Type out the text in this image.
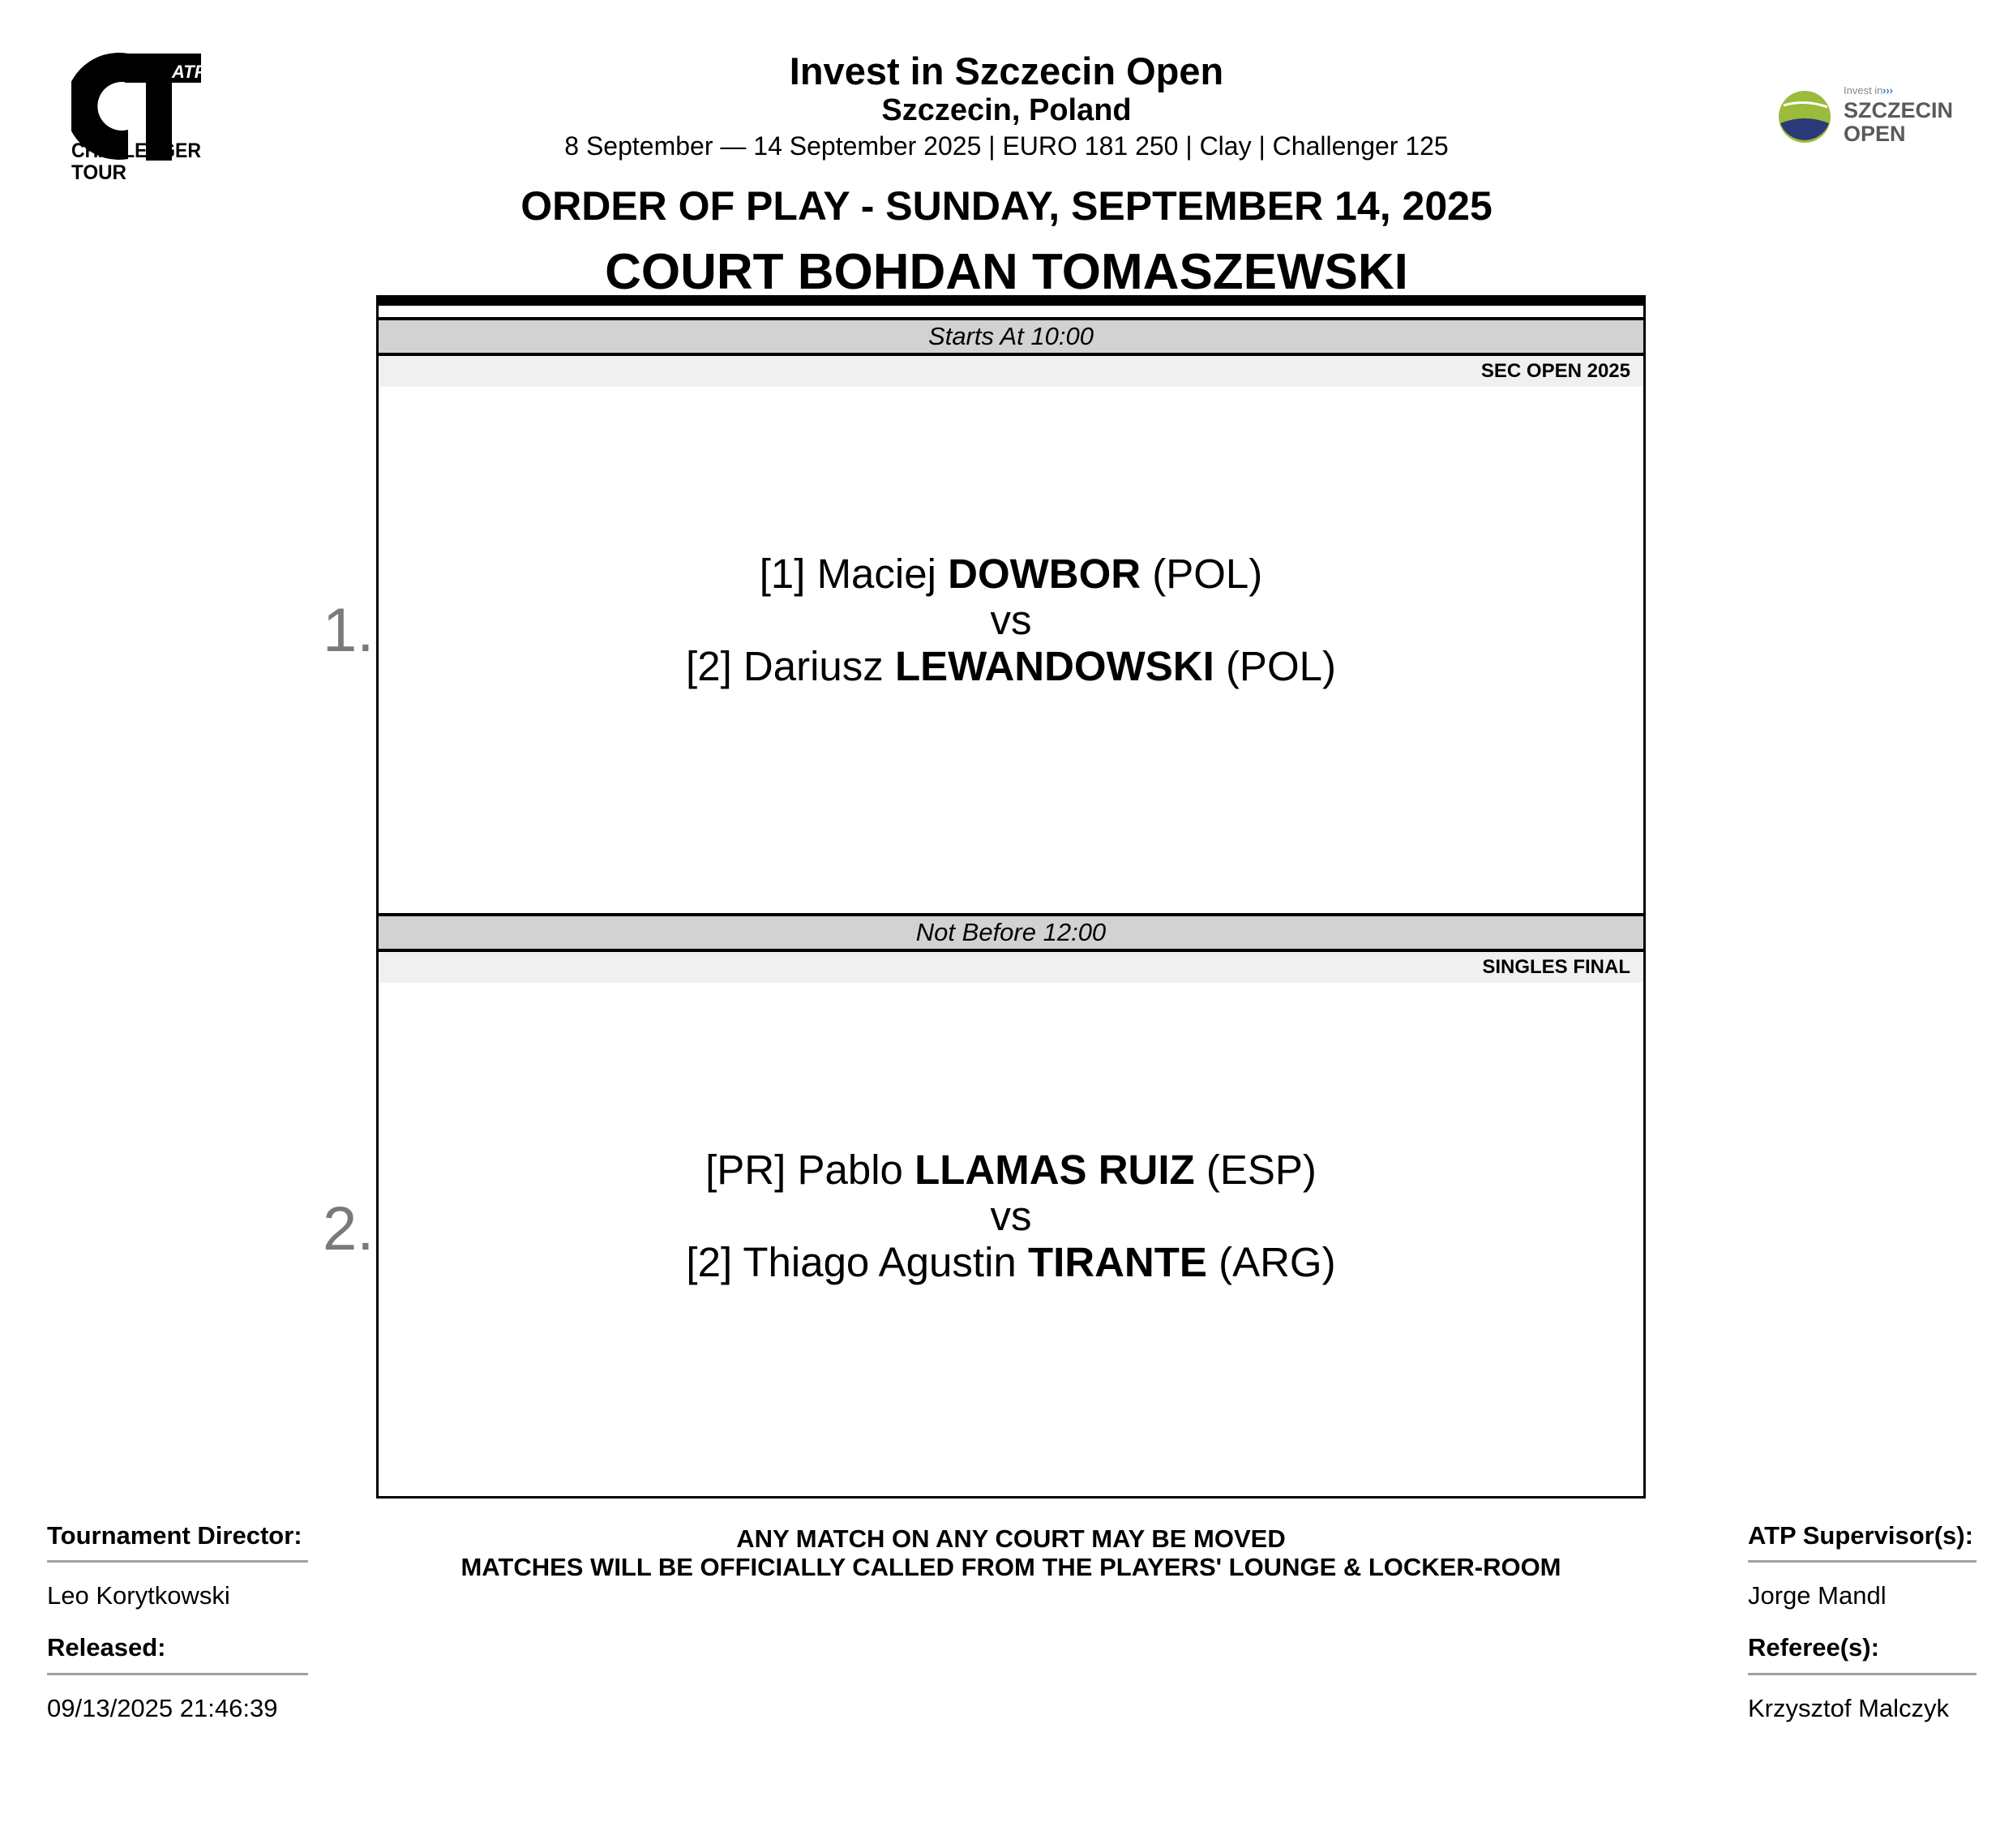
ATP
CHALLENGER
TOUR
Invest in ›››
SZCZECIN
OPEN
Invest in Szczecin Open
Szczecin, Poland
8 September — 14 September 2025 | EURO 181 250 | Clay | Challenger 125
ORDER OF PLAY - SUNDAY, SEPTEMBER 14, 2025
COURT BOHDAN TOMASZEWSKI
1.
2.
Starts At 10:00
SEC OPEN 2025
[1] Maciej DOWBOR (POL)
vs
[2] Dariusz LEWANDOWSKI (POL)
Not Before 12:00
SINGLES FINAL
[PR] Pablo LLAMAS RUIZ (ESP)
vs
[2] Thiago Agustin TIRANTE (ARG)
Tournament Director:
Leo Korytkowski
Released:
09/13/2025 21:46:39
ANY MATCH ON ANY COURT MAY BE MOVED
MATCHES WILL BE OFFICIALLY CALLED FROM THE PLAYERS' LOUNGE & LOCKER-ROOM
ATP Supervisor(s):
Jorge Mandl
Referee(s):
Krzysztof Malczyk
